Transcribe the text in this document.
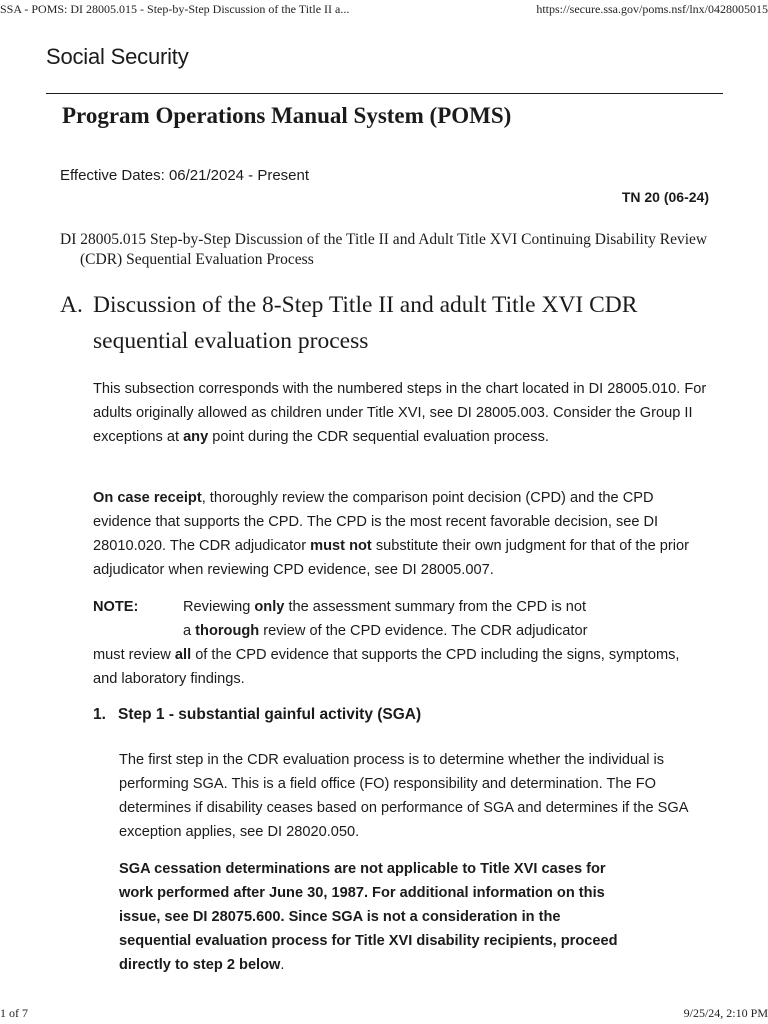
SSA - POMS: DI 28005.015 - Step-by-Step Discussion of the Title II a...	https://secure.ssa.gov/poms.nsf/lnx/0428005015
Social Security
Program Operations Manual System (POMS)
Effective Dates: 06/21/2024 - Present
TN 20 (06-24)
DI 28005.015 Step-by-Step Discussion of the Title II and Adult Title XVI Continuing Disability Review (CDR) Sequential Evaluation Process
A. Discussion of the 8-Step Title II and adult Title XVI CDR sequential evaluation process
This subsection corresponds with the numbered steps in the chart located in DI 28005.010. For adults originally allowed as children under Title XVI, see DI 28005.003. Consider the Group II exceptions at any point during the CDR sequential evaluation process.
On case receipt, thoroughly review the comparison point decision (CPD) and the CPD evidence that supports the CPD. The CPD is the most recent favorable decision, see DI 28010.020. The CDR adjudicator must not substitute their own judgment for that of the prior adjudicator when reviewing CPD evidence, see DI 28005.007.
NOTE:	Reviewing only the assessment summary from the CPD is not
a thorough review of the CPD evidence. The CDR adjudicator
must review all of the CPD evidence that supports the CPD including the signs, symptoms, and laboratory findings.
1. Step 1 - substantial gainful activity (SGA)
The first step in the CDR evaluation process is to determine whether the individual is performing SGA. This is a field office (FO) responsibility and determination. The FO determines if disability ceases based on performance of SGA and determines if the SGA exception applies, see DI 28020.050.
SGA cessation determinations are not applicable to Title XVI cases for work performed after June 30, 1987. For additional information on this issue, see DI 28075.600. Since SGA is not a consideration in the sequential evaluation process for Title XVI disability recipients, proceed directly to step 2 below.
1 of 7	9/25/24, 2:10 PM
